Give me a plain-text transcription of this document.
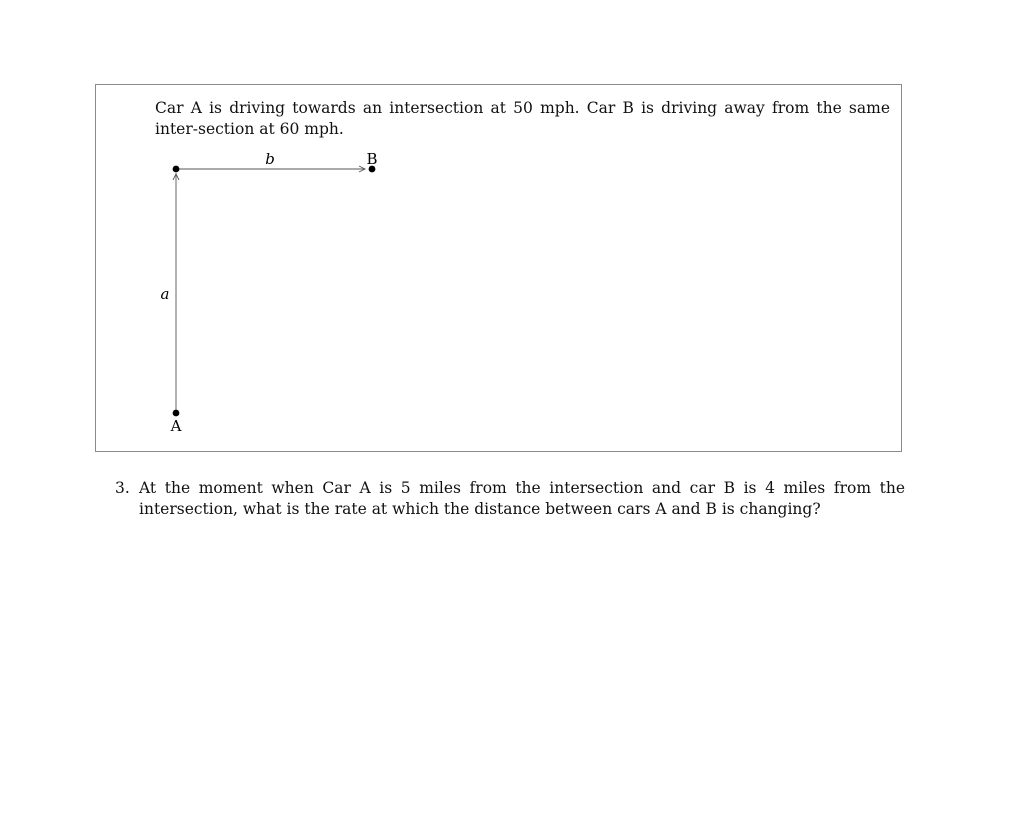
Car A is driving towards an intersection at 50 mph. Car B is driving away from the same inter-section at 60 mph.

b	B
a
A
3. At the moment when Car A is 5 miles from the intersection and car B is 4 miles from the intersection, what is the rate at which the distance between cars A and B is changing?
